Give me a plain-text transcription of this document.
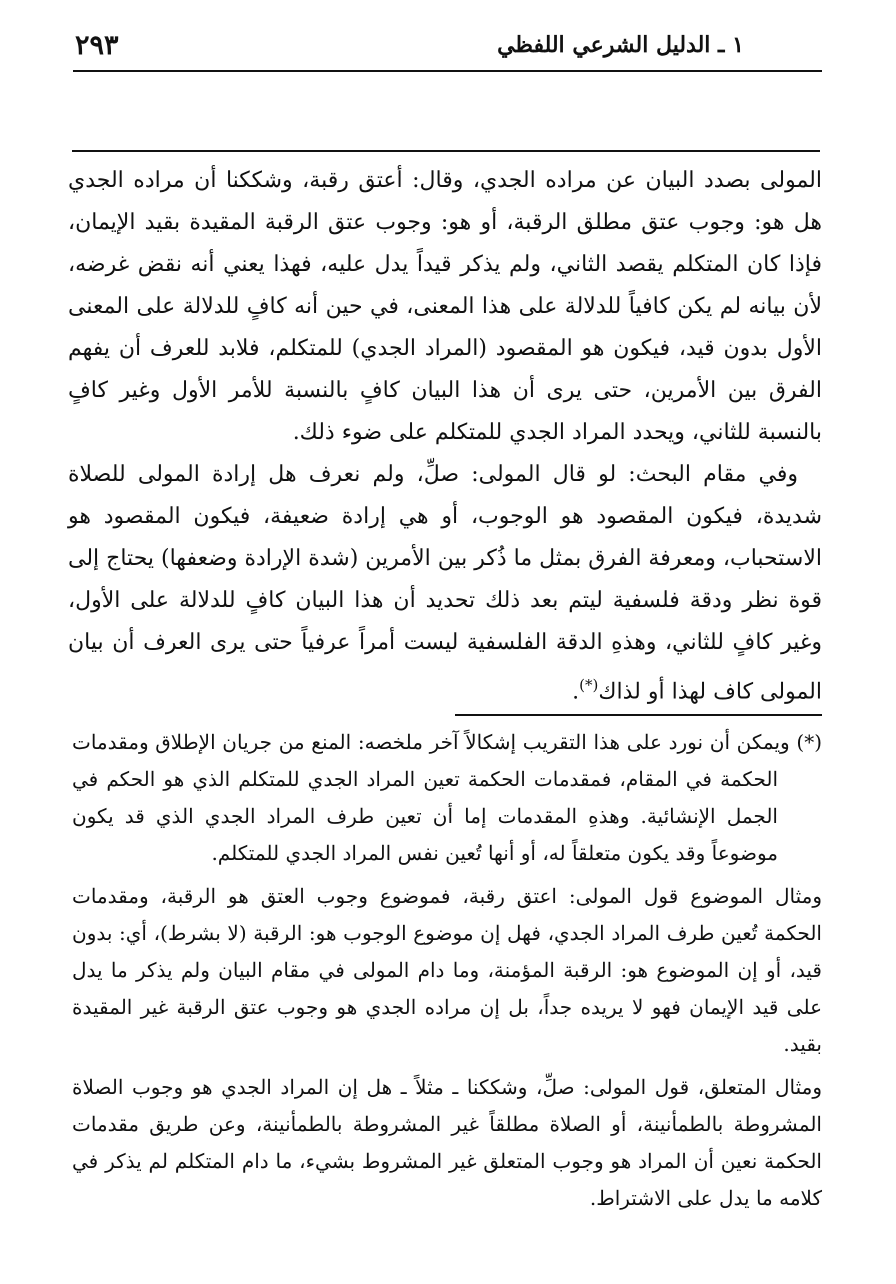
٢٩٣	١ ـ الدليل الشرعي اللفظي

المولى بصدد البيان عن مراده الجدي، وقال: أعتق رقبة، وشككنا أن مراده الجدي هل هو: وجوب عتق مطلق الرقبة، أو هو: وجوب عتق الرقبة المقيدة بقيد الإيمان، فإذا كان المتكلم يقصد الثاني، ولم يذكر قيداً يدل عليه، فهذا يعني أنه نقض غرضه، لأن بيانه لم يكن كافياً للدلالة على هذا المعنى، في حين أنه كافٍ للدلالة على المعنى الأول بدون قيد، فيكون هو المقصود (المراد الجدي) للمتكلم، فلابد للعرف أن يفهم الفرق بين الأمرين، حتى يرى أن هذا البيان كافٍ بالنسبة للأمر الأول وغير كافٍ بالنسبة للثاني، ويحدد المراد الجدي للمتكلم على ضوء ذلك.

وفي مقام البحث: لو قال المولى: صلِّ، ولم نعرف هل إرادة المولى للصلاة شديدة، فيكون المقصود هو الوجوب، أو هي إرادة ضعيفة، فيكون المقصود هو الاستحباب، ومعرفة الفرق بمثل ما ذُكر بين الأمرين (شدة الإرادة وضعفها) يحتاج إلى قوة نظر ودقة فلسفية ليتم بعد ذلك تحديد أن هذا البيان كافٍ للدلالة على الأول، وغير كافٍ للثاني، وهذهِ الدقة الفلسفية ليست أمراً عرفياً حتى يرى العرف أن بيان المولى كاف لهذا أو لذاك(*).

(*) ويمكن أن نورد على هذا التقريب إشكالاً آخر ملخصه: المنع من جريان الإطلاق ومقدمات الحكمة في المقام، فمقدمات الحكمة تعين المراد الجدي للمتكلم الذي هو الحكم في الجمل الإنشائية. وهذهِ المقدمات إما أن تعين طرف المراد الجدي الذي قد يكون موضوعاً وقد يكون متعلقاً له، أو أنها تُعين نفس المراد الجدي للمتكلم.

ومثال الموضوع قول المولى: اعتق رقبة، فموضوع وجوب العتق هو الرقبة، ومقدمات الحكمة تُعين طرف المراد الجدي، فهل إن موضوع الوجوب هو: الرقبة (لا بشرط)، أي: بدون قيد، أو إن الموضوع هو: الرقبة المؤمنة، وما دام المولى في مقام البيان ولم يذكر ما يدل على قيد الإيمان فهو لا يريده جداً، بل إن مراده الجدي هو وجوب عتق الرقبة غير المقيدة بقيد.

ومثال المتعلق، قول المولى: صلِّ، وشككنا ـ مثلاً ـ هل إن المراد الجدي هو وجوب الصلاة المشروطة بالطمأنينة، أو الصلاة مطلقاً غير المشروطة بالطمأنينة، وعن طريق مقدمات الحكمة نعين أن المراد هو وجوب المتعلق غير المشروط بشيء، ما دام المتكلم لم يذكر في كلامه ما يدل على الاشتراط.
